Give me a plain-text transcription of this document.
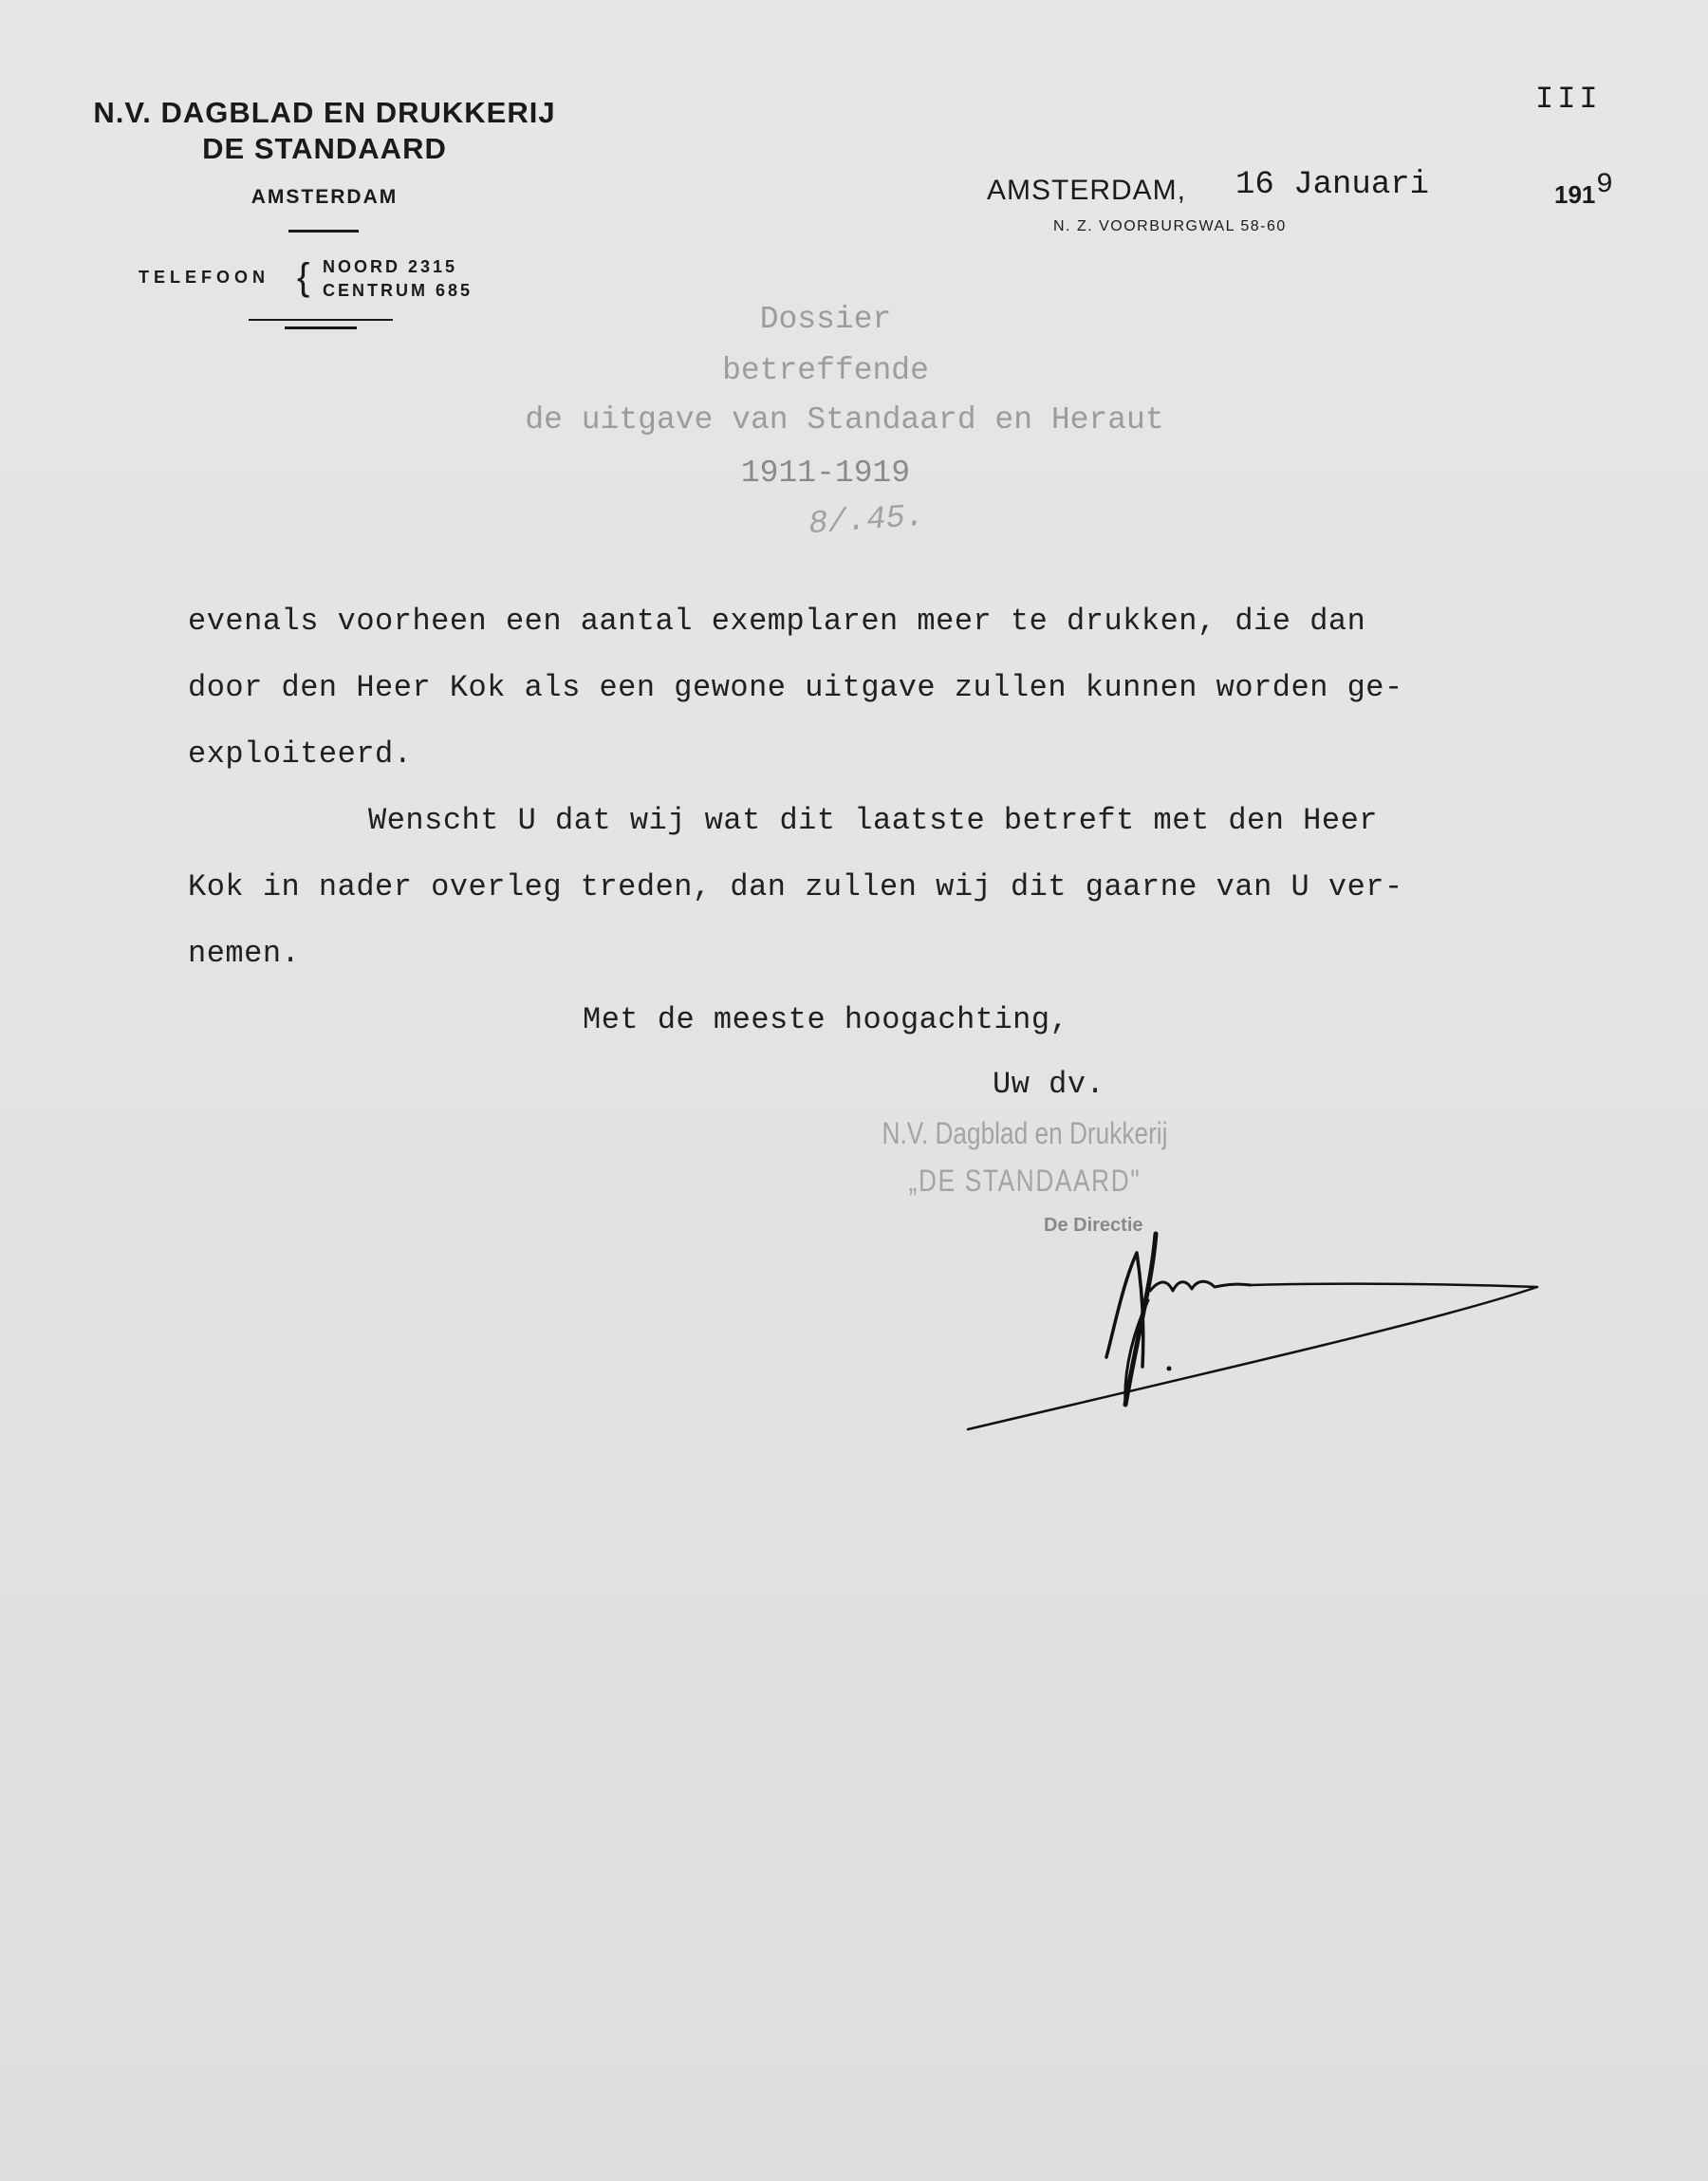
N.V. DAGBLAD EN DRUKKERIJ
DE STANDAARD
AMSTERDAM
TELEFOON { NOORD 2315
CENTRUM 685
III
AMSTERDAM, 16 Januari	191 9
N. Z. VOORBURGWAL 58-60
Dossier
betreffende
de uitgave van Standaard en Heraut
1911-1919
8/.45.
evenals voorheen een aantal exemplaren meer te drukken, die dan
door den Heer Kok als een gewone uitgave zullen kunnen worden ge-
exploiteerd.
Wenscht U dat wij wat dit laatste betreft met den Heer
Kok in nader overleg treden, dan zullen wij dit gaarne van U ver-
nemen.
Met de meeste hoogachting,
Uw dv.
N.V. Dagblad en Drukkerij
„DE STANDAARD"
De Directie
